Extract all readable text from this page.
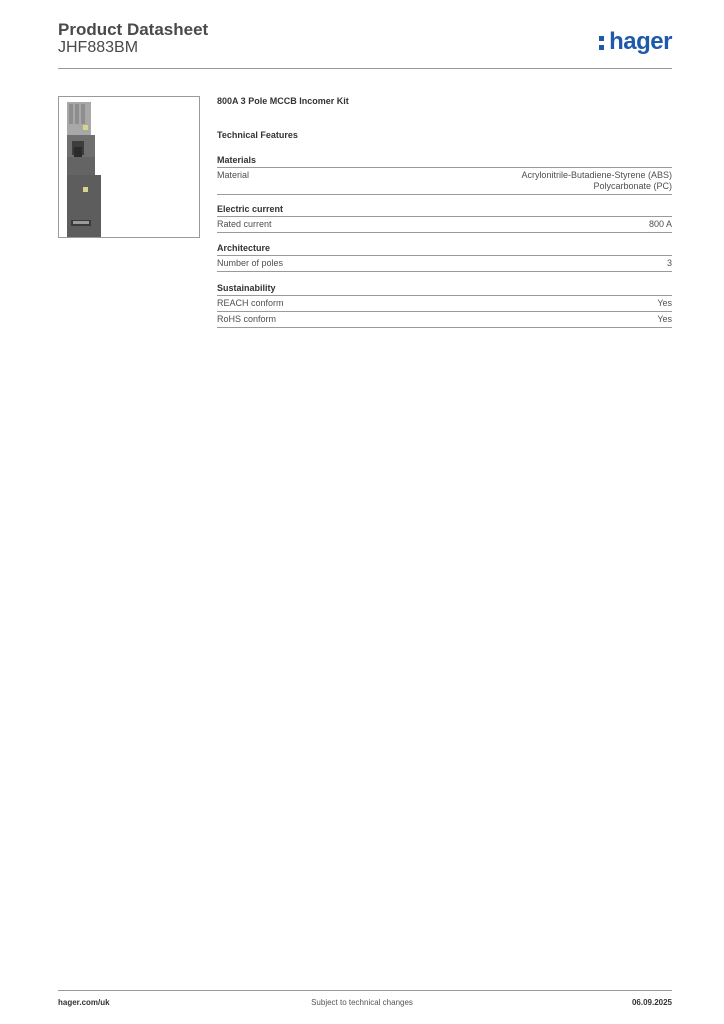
Product Datasheet
JHF883BM	hager
800A 3 Pole MCCB Incomer Kit
Technical Features
Materials
Material	Acrylonitrile-Butadiene-Styrene (ABS)
Polycarbonate (PC)
Electric current
Rated current	800 A
Architecture
Number of poles	3
Sustainability
REACH conform	Yes
RoHS conform	Yes
hager.com/uk	Subject to technical changes	06.09.2025
